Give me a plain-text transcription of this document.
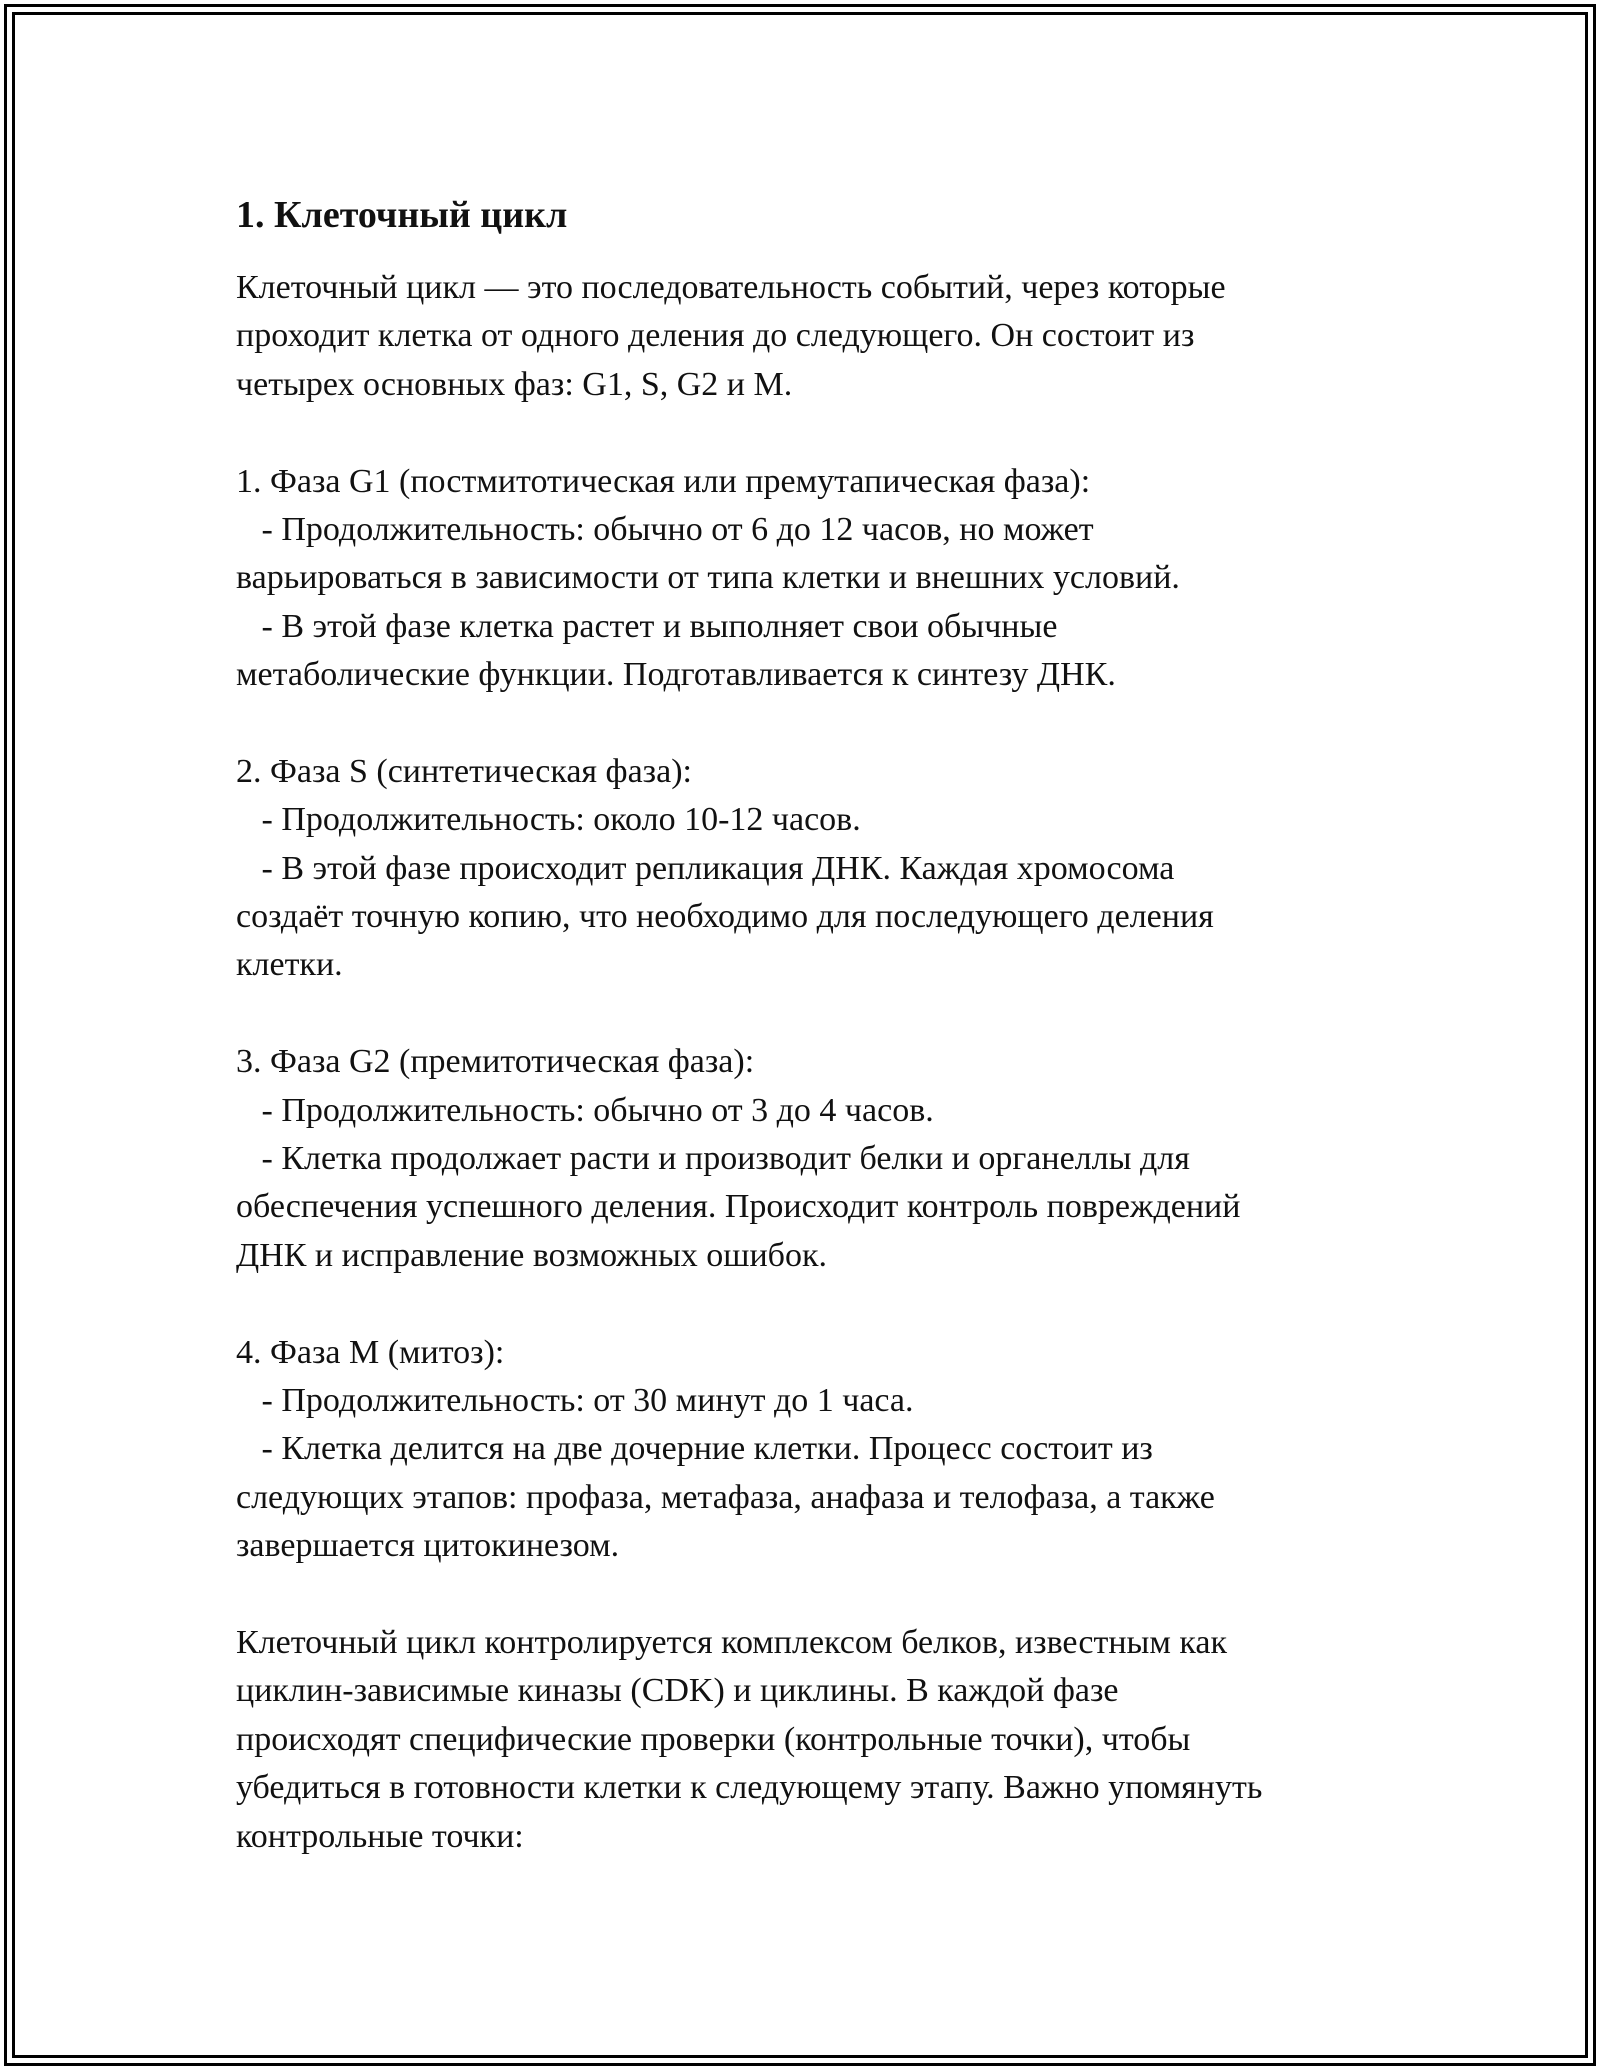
1. Клеточный цикл
Клеточный цикл — это последовательность событий, через которые
проходит клетка от одного деления до следующего. Он состоит из
четырех основных фаз: G1, S, G2 и M.
1. Фаза G1 (постмитотическая или премутапическая фаза):
- Продолжительность: обычно от 6 до 12 часов, но может
варьироваться в зависимости от типа клетки и внешних условий.
- В этой фазе клетка растет и выполняет свои обычные
метаболические функции. Подготавливается к синтезу ДНК.
2. Фаза S (синтетическая фаза):
- Продолжительность: около 10-12 часов.
- В этой фазе происходит репликация ДНК. Каждая хромосома
создаёт точную копию, что необходимо для последующего деления
клетки.
3. Фаза G2 (премитотическая фаза):
- Продолжительность: обычно от 3 до 4 часов.
- Клетка продолжает расти и производит белки и органеллы для
обеспечения успешного деления. Происходит контроль повреждений
ДНК и исправление возможных ошибок.
4. Фаза M (митоз):
- Продолжительность: от 30 минут до 1 часа.
- Клетка делится на две дочерние клетки. Процесс состоит из
следующих этапов: профаза, метафаза, анафаза и телофаза, а также
завершается цитокинезом.
Клеточный цикл контролируется комплексом белков, известным как
циклин-зависимые киназы (CDK) и циклины. В каждой фазе
происходят специфические проверки (контрольные точки), чтобы
убедиться в готовности клетки к следующему этапу. Важно упомянуть
контрольные точки:
